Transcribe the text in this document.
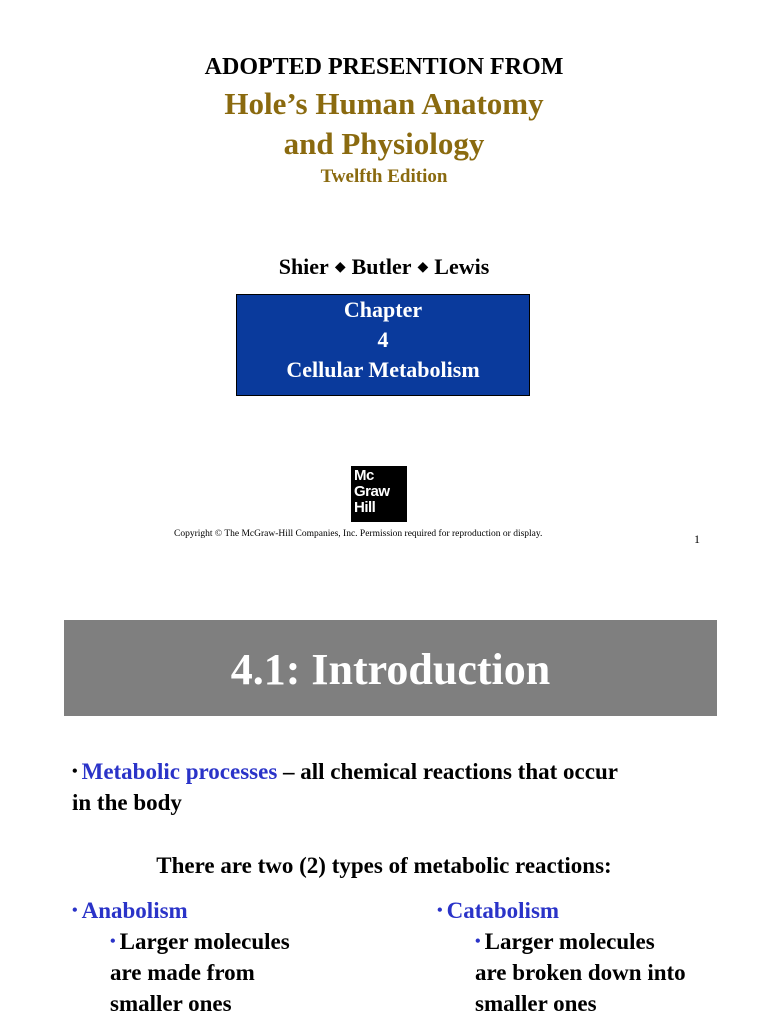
ADOPTED PRESENTION FROM
Hole’s Human Anatomy
and Physiology
Twelfth Edition
Shier ◆ Butler ◆ Lewis
Chapter
4
Cellular Metabolism
Mc
Graw
Hill
Copyright © The McGraw-Hill Companies, Inc. Permission required for reproduction or display.	1
4.1: Introduction
• Metabolic processes – all chemical reactions that occur
in the body
There are two (2) types of metabolic reactions:
• Anabolism
• Larger molecules
are made from
smaller ones
• Catabolism
• Larger molecules
are broken down into
smaller ones
